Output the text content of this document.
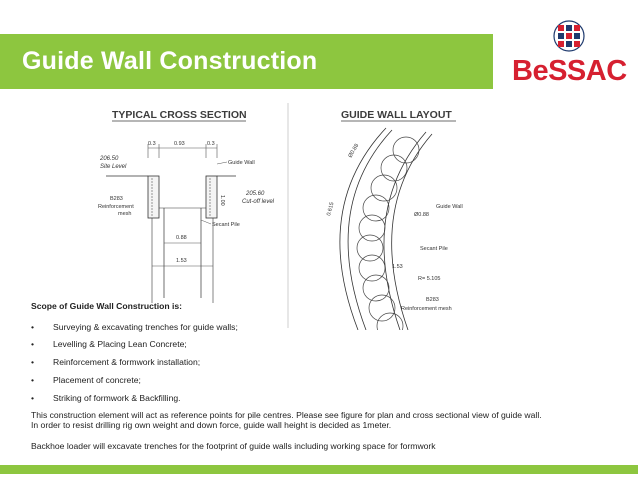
Guide Wall Construction	BeSSAC
TYPICAL CROSS SECTION
0.3	0.93	0.3
Guide Wall
206.50
Site Level
1.00
205.60
Cut-off level
B283
Reinforcement
mesh
Secant Pile
0.88
1.53
GUIDE WALL LAYOUT
Ø0.88
Ø0.88
Guide Wall
0.615
1.53
Secant Pile
R= 5.105
B283
Reinforcement mesh
Scope of Guide Wall Construction is:
• Surveying & excavating trenches for guide walls;
• Levelling & Placing Lean Concrete;
• Reinforcement & formwork installation;
• Placement of concrete;
• Striking of formwork & Backfilling.
This construction element will act as reference points for pile centres. Please see figure for plan and cross sectional view of guide wall. In order to resist drilling rig own weight and down force, guide wall height is decided as 1meter.
Backhoe loader will excavate trenches for the footprint of guide walls including working space for formwork
